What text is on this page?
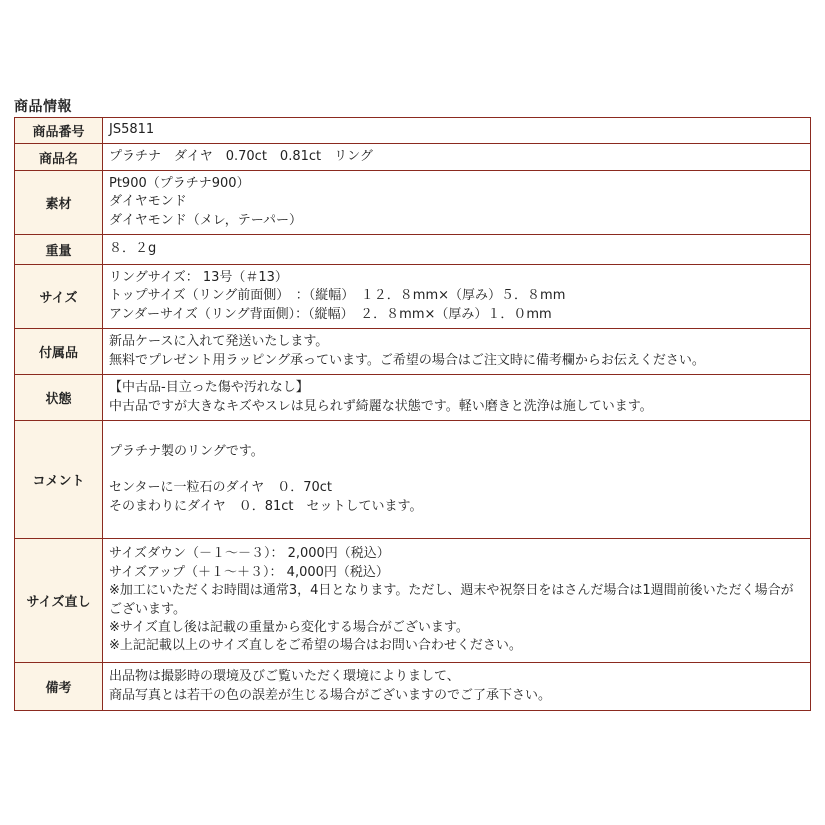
商品情報
商品番号	JS5811

商品名	プラチナ　ダイヤ　0.70ct　0.81ct　リング

素材	Pt900（プラチナ900）
ダイヤモンド
ダイヤモンド（メレ，テーパー）

重量	８．２g

サイズ	リングサイズ： 13号（＃13）
トップサイズ（リング前面側）　：（縦幅）　１２．８mm×（厚み）５．８mm
アンダーサイズ（リング背面側）：（縦幅）　２．８mm×（厚み）１．０mm

付属品	新品ケースに入れて発送いたします。
無料でプレゼント用ラッピング承っています。ご希望の場合はご注文時に備考欄からお伝えください。

状態	【中古品-目立った傷や汚れなし】
中古品ですが大きなキズやスレは見られず綺麗な状態です。軽い磨きと洗浄は施しています。

コメント	プラチナ製のリングです。
センターに一粒石のダイヤ　０．70ct
そのまわりにダイヤ　０．81ct　セットしています。

サイズ直し	サイズダウン（－１～－３）： 2,000円（税込）
サイズアップ（＋１～＋３）： 4,000円（税込）
※加工にいただくお時間は通常3，4日となります。ただし、週末や祝祭日をはさんだ場合は1週間前後いただく場合がございます。
※サイズ直し後は記載の重量から変化する場合がございます。
※上記記載以上のサイズ直しをご希望の場合はお問い合わせください。

備考	出品物は撮影時の環境及びご覧いただく環境によりまして、
商品写真とは若干の色の誤差が生じる場合がございますのでご了承下さい。
